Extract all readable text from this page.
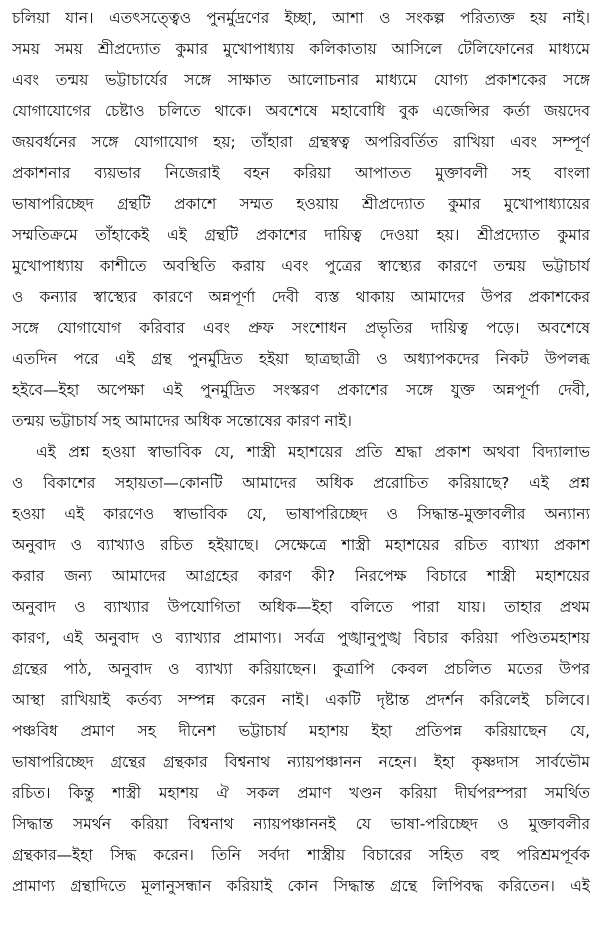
চলিয়া যান। এতৎসত্ত্বেও পুনর্মুদ্রণের ইচ্ছা, আশা ও সংকল্প পরিত্যক্ত হয় নাই।
সময় সময় শ্রীপ্রদ্যোত কুমার মুখোপাধ্যায় কলিকাতায় আসিলে টেলিফোনের মাধ্যমে
এবং তন্ময় ভট্টাচার্যের সঙ্গে সাক্ষাত আলোচনার মাধ্যমে যোগ্য প্রকাশকের সঙ্গে
যোগাযোগের চেষ্টাও চলিতে থাকে। অবশেষে মহাবোধি বুক এজেন্সির কর্তা জয়দেব
জয়বর্ধনের সঙ্গে যোগাযোগ হয়; তাঁহারা গ্রন্থস্বত্ব অপরিবর্তিত রাখিয়া এবং সম্পূর্ণ
প্রকাশনার ব্যয়ভার নিজেরাই বহন করিয়া আপাতত মুক্তাবলী সহ বাংলা
ভাষাপরিচ্ছেদ গ্রন্থটি প্রকাশে সম্মত হওয়ায় শ্রীপ্রদ্যোত কুমার মুখোপাধ্যায়ের
সম্মতিক্রমে তাঁহাকেই এই গ্রন্থটি প্রকাশের দায়িত্ব দেওয়া হয়। শ্রীপ্রদ্যোত কুমার
মুখোপাধ্যায় কাশীতে অবস্থিতি করায় এবং পুত্রের স্বাস্থ্যের কারণে তন্ময় ভট্টাচার্য
ও কন্যার স্বাস্থ্যের কারণে অন্নপূর্ণা দেবী ব্যস্ত থাকায় আমাদের উপর প্রকাশকের
সঙ্গে যোগাযোগ করিবার এবং প্রুফ সংশোধন প্রভৃতির দায়িত্ব পড়ে। অবশেষে
এতদিন পরে এই গ্রন্থ পুনর্মুদ্রিত হইয়া ছাত্রছাত্রী ও অধ্যাপকদের নিকট উপলব্ধ
হইবে—ইহা অপেক্ষা এই পুনর্মুদ্রিত সংস্করণ প্রকাশের সঙ্গে যুক্ত অন্নপূর্ণা দেবী,
তন্ময় ভট্টাচার্য সহ আমাদের অধিক সন্তোষের কারণ নাই।
এই প্রশ্ন হওয়া স্বাভাবিক যে, শাস্ত্রী মহাশয়ের প্রতি শ্রদ্ধা প্রকাশ অথবা বিদ্যালাভ
ও বিকাশের সহায়তা—কোনটি আমাদের অধিক প্ররোচিত করিয়াছে? এই প্রশ্ন
হওয়া এই কারণেও স্বাভাবিক যে, ভাষাপরিচ্ছেদ ও সিদ্ধান্ত-মুক্তাবলীর অন্যান্য
অনুবাদ ও ব্যাখ্যাও রচিত হইয়াছে। সেক্ষেত্রে শাস্ত্রী মহাশয়ের রচিত ব্যাখ্যা প্রকাশ
করার জন্য আমাদের আগ্রহের কারণ কী? নিরপেক্ষ বিচারে শাস্ত্রী মহাশয়ের
অনুবাদ ও ব্যাখ্যার উপযোগিতা অধিক—ইহা বলিতে পারা যায়। তাহার প্রথম
কারণ, এই অনুবাদ ও ব্যাখ্যার প্রামাণ্য। সর্বত্র পুঙ্খানুপুঙ্খ বিচার করিয়া পণ্ডিতমহাশয়
গ্রন্থের পাঠ, অনুবাদ ও ব্যাখ্যা করিয়াছেন। কুত্রাপি কেবল প্রচলিত মতের উপর
আস্থা রাখিয়াই কর্তব্য সম্পন্ন করেন নাই। একটি দৃষ্টান্ত প্রদর্শন করিলেই চলিবে।
পঞ্চবিধ প্রমাণ সহ দীনেশ ভট্টাচার্য মহাশয় ইহা প্রতিপন্ন করিয়াছেন যে,
ভাষাপরিচ্ছেদ গ্রন্থের গ্রন্থকার বিশ্বনাথ ন্যায়পঞ্চানন নহেন। ইহা কৃষ্ণদাস সার্বভৌম
রচিত। কিন্তু শাস্ত্রী মহাশয় ঐ সকল প্রমাণ খণ্ডন করিয়া দীর্ঘপরম্পরা সমর্থিত
সিদ্ধান্ত সমর্থন করিয়া বিশ্বনাথ ন্যায়পঞ্চাননই যে ভাষা-পরিচ্ছেদ ও মুক্তাবলীর
গ্রন্থকার—ইহা সিদ্ধ করেন। তিনি সর্বদা শাস্ত্রীয় বিচারের সহিত বহু পরিশ্রমপূর্বক
প্রামাণ্য গ্রন্থাদিতে মূলানুসন্ধান করিয়াই কোন সিদ্ধান্ত গ্রন্থে লিপিবদ্ধ করিতেন। এই
